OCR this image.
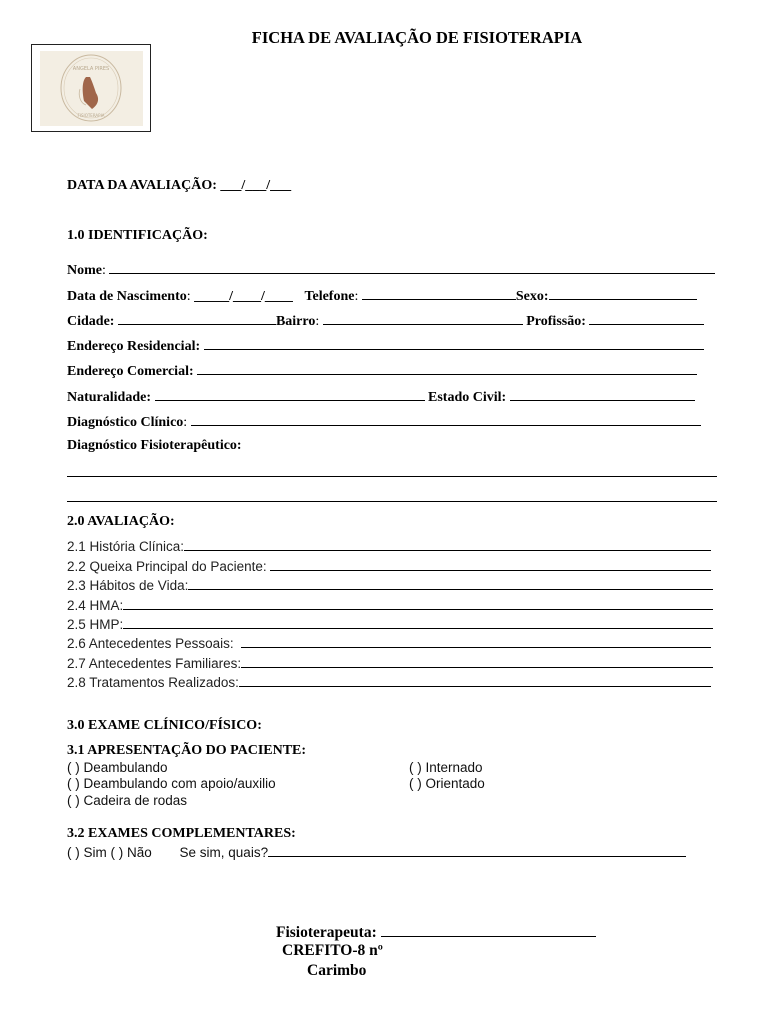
FICHA DE AVALIAÇÃO DE FISIOTERAPIA
ANGELA PIRES
FISIOTERAPIA
DATA DA AVALIAÇÃO: ___/___/___
1.0 IDENTIFICAÇÃO:
Nome:
Data de Nascimento: _____/____/____ Telefone:	Sexo:
Cidade:	Bairro:	Profissão:
Endereço Residencial:
Endereço Comercial:
Naturalidade:	Estado Civil:
Diagnóstico Clínico:
Diagnóstico Fisioterapêutico:
2.0 AVALIAÇÃO:
2.1 História Clínica:
2.2 Queixa Principal do Paciente:
2.3 Hábitos de Vida:
2.4 HMA:
2.5 HMP:
2.6 Antecedentes Pessoais:
2.7 Antecedentes Familiares:
2.8 Tratamentos Realizados:
3.0 EXAME CLÍNICO/FÍSICO:
3.1 APRESENTAÇÃO DO PACIENTE:
( ) Deambulando
( ) Deambulando com apoio/auxilio
( ) Cadeira de rodas
( ) Internado
( ) Orientado
3.2 EXAMES COMPLEMENTARES:
( ) Sim ( ) Não Se sim, quais?
Fisioterapeuta:
CREFITO-8 nº
Carimbo
